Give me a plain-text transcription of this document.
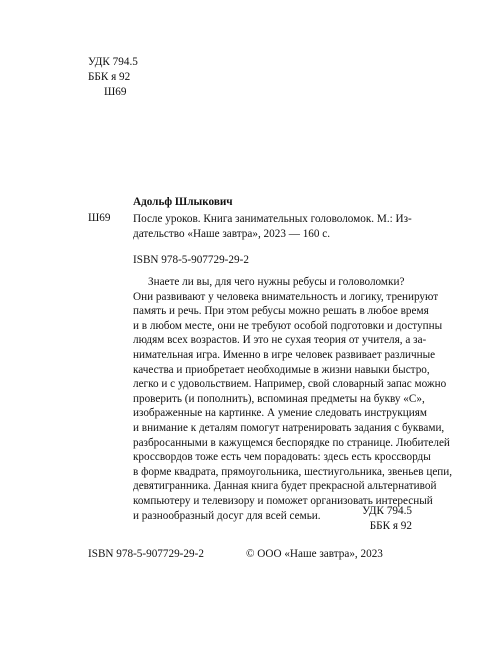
УДК 794.5
ББК я 92
Ш69
Адольф Шлыкович
Ш69 После уроков. Книга занимательных головоломок. М.: Из-
дательство «Наше завтра», 2023 — 160 с.
ISBN 978-5-907729-29-2
Знаете ли вы, для чего нужны ребусы и головоломки?
Они развивают у человека внимательность и логику, тренируют
память и речь. При этом ребусы можно решать в любое время
и в любом месте, они не требуют особой подготовки и доступны
людям всех возрастов. И это не сухая теория от учителя, а за-
нимательная игра. Именно в игре человек развивает различные
качества и приобретает необходимые в жизни навыки быстро,
легко и с удовольствием. Например, свой словарный запас можно
проверить (и пополнить), вспоминая предметы на букву «С»,
изображенные на картинке. А умение следовать инструкциям
и внимание к деталям помогут натренировать задания с буквами,
разбросанными в кажущемся беспорядке по странице. Любителей
кроссвордов тоже есть чем порадовать: здесь есть кроссворды
в форме квадрата, прямоугольника, шестиугольника, звеньев цепи,
девятигранника. Данная книга будет прекрасной альтернативой
компьютеру и телевизору и поможет организовать интересный
и разнообразный досуг для всей семьи.	УДК 794.5
ББК я 92
ISBN 978-5-907729-29-2	© ООО «Наше завтра», 2023
